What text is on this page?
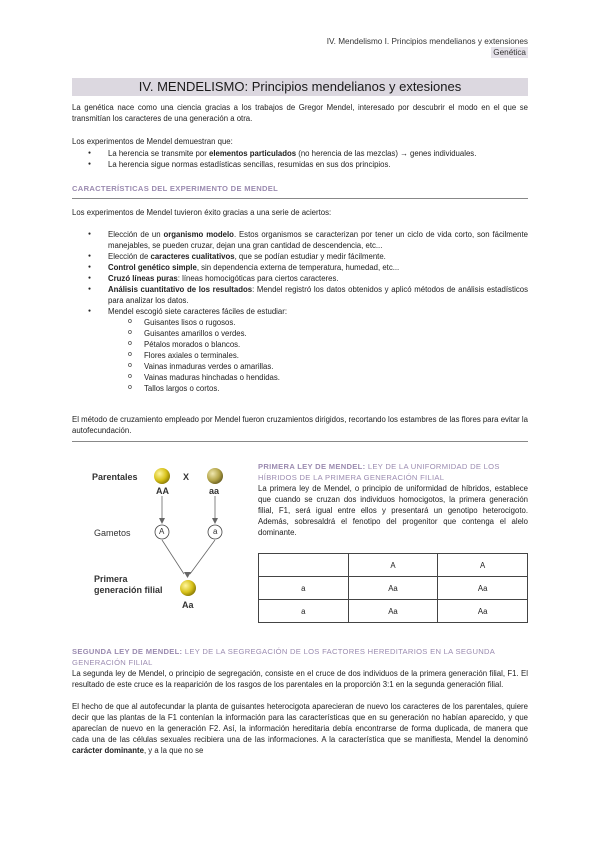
IV. Mendelismo I. Principios mendelianos y extensiones
Genética
IV. MENDELISMO: Principios mendelianos y extesiones
La genética nace como una ciencia gracias a los trabajos de Gregor Mendel, interesado por descubrir el modo en el que se transmitían los caracteres de una generación a otra.
Los experimentos de Mendel demuestran que:
● La herencia se transmite por elementos particulados (no herencia de las mezclas) → genes individuales.
● La herencia sigue normas estadísticas sencillas, resumidas en sus dos principios.
CARACTERÍSTICAS DEL EXPERIMENTO DE MENDEL
Los experimentos de Mendel tuvieron éxito gracias a una serie de aciertos:
● Elección de un organismo modelo. Estos organismos se caracterizan por tener un ciclo de vida corto, son fácilmente manejables, se pueden cruzar, dejan una gran cantidad de descendencia, etc...
● Elección de caracteres cualitativos, que se podían estudiar y medir fácilmente.
● Control genético simple, sin dependencia externa de temperatura, humedad, etc...
● Cruzó líneas puras: líneas homocigóticas para ciertos caracteres.
● Análisis cuantitativo de los resultados: Mendel registró los datos obtenidos y aplicó métodos de análisis estadísticos para analizar los datos.
● Mendel escogió siete caracteres fáciles de estudiar:
o Guisantes lisos o rugosos.
o Guisantes amarillos o verdes.
o Pétalos morados o blancos.
o Flores axiales o terminales.
o Vainas inmaduras verdes o amarillas.
o Vainas maduras hinchadas o hendidas.
o Tallos largos o cortos.
El método de cruzamiento empleado por Mendel fueron cruzamientos dirigidos, recortando los estambres de las flores para evitar la autofecundación.
Parentales	X
AA	aa
Gametos	A	a
Primera generación filial
Aa
PRIMERA LEY DE MENDEL: LEY DE LA UNIFORMIDAD DE LOS HÍBRIDOS DE LA PRIMERA GENERACIÓN FILIAL
La primera ley de Mendel, o principio de uniformidad de híbridos, establece que cuando se cruzan dos individuos homocigotos, la primera generación filial, F1, será igual entre ellos y presentará un genotipo heterocigoto. Además, sobresaldrá el fenotipo del progenitor que contenga el alelo dominante.
	A	A
a	Aa	Aa
a	Aa	Aa
SEGUNDA LEY DE MENDEL: LEY DE LA SEGREGACIÓN DE LOS FACTORES HEREDITARIOS EN LA SEGUNDA GENERACIÓN FILIAL
La segunda ley de Mendel, o principio de segregación, consiste en el cruce de dos individuos de la primera generación filial, F1. El resultado de este cruce es la reaparición de los rasgos de los parentales en la proporción 3:1 en la segunda generación filial.
El hecho de que al autofecundar la planta de guisantes heterocigota aparecieran de nuevo los caracteres de los parentales, quiere decir que las plantas de la F1 contenían la información para las características que en su generación no habían aparecido, y que aparecían de nuevo en la generación F2. Así, la información hereditaria debía encontrarse de forma duplicada, de manera que cada una de las células sexuales recibiera una de las informaciones. A la característica que se manifiesta, Mendel la denominó carácter dominante, y a la que no se
